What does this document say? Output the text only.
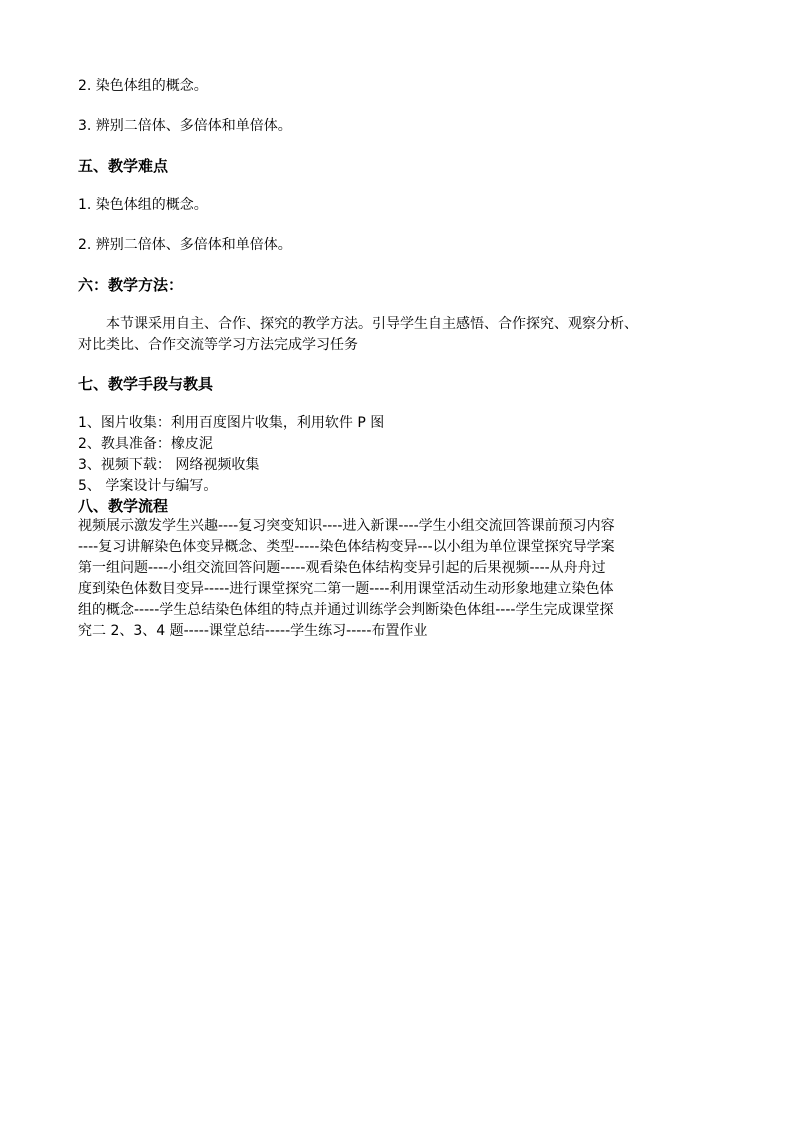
2. 染色体组的概念。
3. 辨别二倍体、多倍体和单倍体。
五、教学难点
1. 染色体组的概念。
2. 辨别二倍体、多倍体和单倍体。
六：教学方法：
本节课采用自主、合作、探究的教学方法。引导学生自主感悟、合作探究、观察分析、
对比类比、合作交流等学习方法完成学习任务
七、教学手段与教具
1、图片收集：利用百度图片收集，利用软件 P 图
2、教具准备：橡皮泥
3、视频下载： 网络视频收集
5、 学案设计与编写。
八、教学流程
视频展示激发学生兴趣----复习突变知识----进入新课----学生小组交流回答课前预习内容
----复习讲解染色体变异概念、类型-----染色体结构变异---以小组为单位课堂探究导学案
第一组问题----小组交流回答问题-----观看染色体结构变异引起的后果视频----从舟舟过
度到染色体数目变异-----进行课堂探究二第一题----利用课堂活动生动形象地建立染色体
组的概念-----学生总结染色体组的特点并通过训练学会判断染色体组----学生完成课堂探
究二 2、3、4 题-----课堂总结-----学生练习-----布置作业
